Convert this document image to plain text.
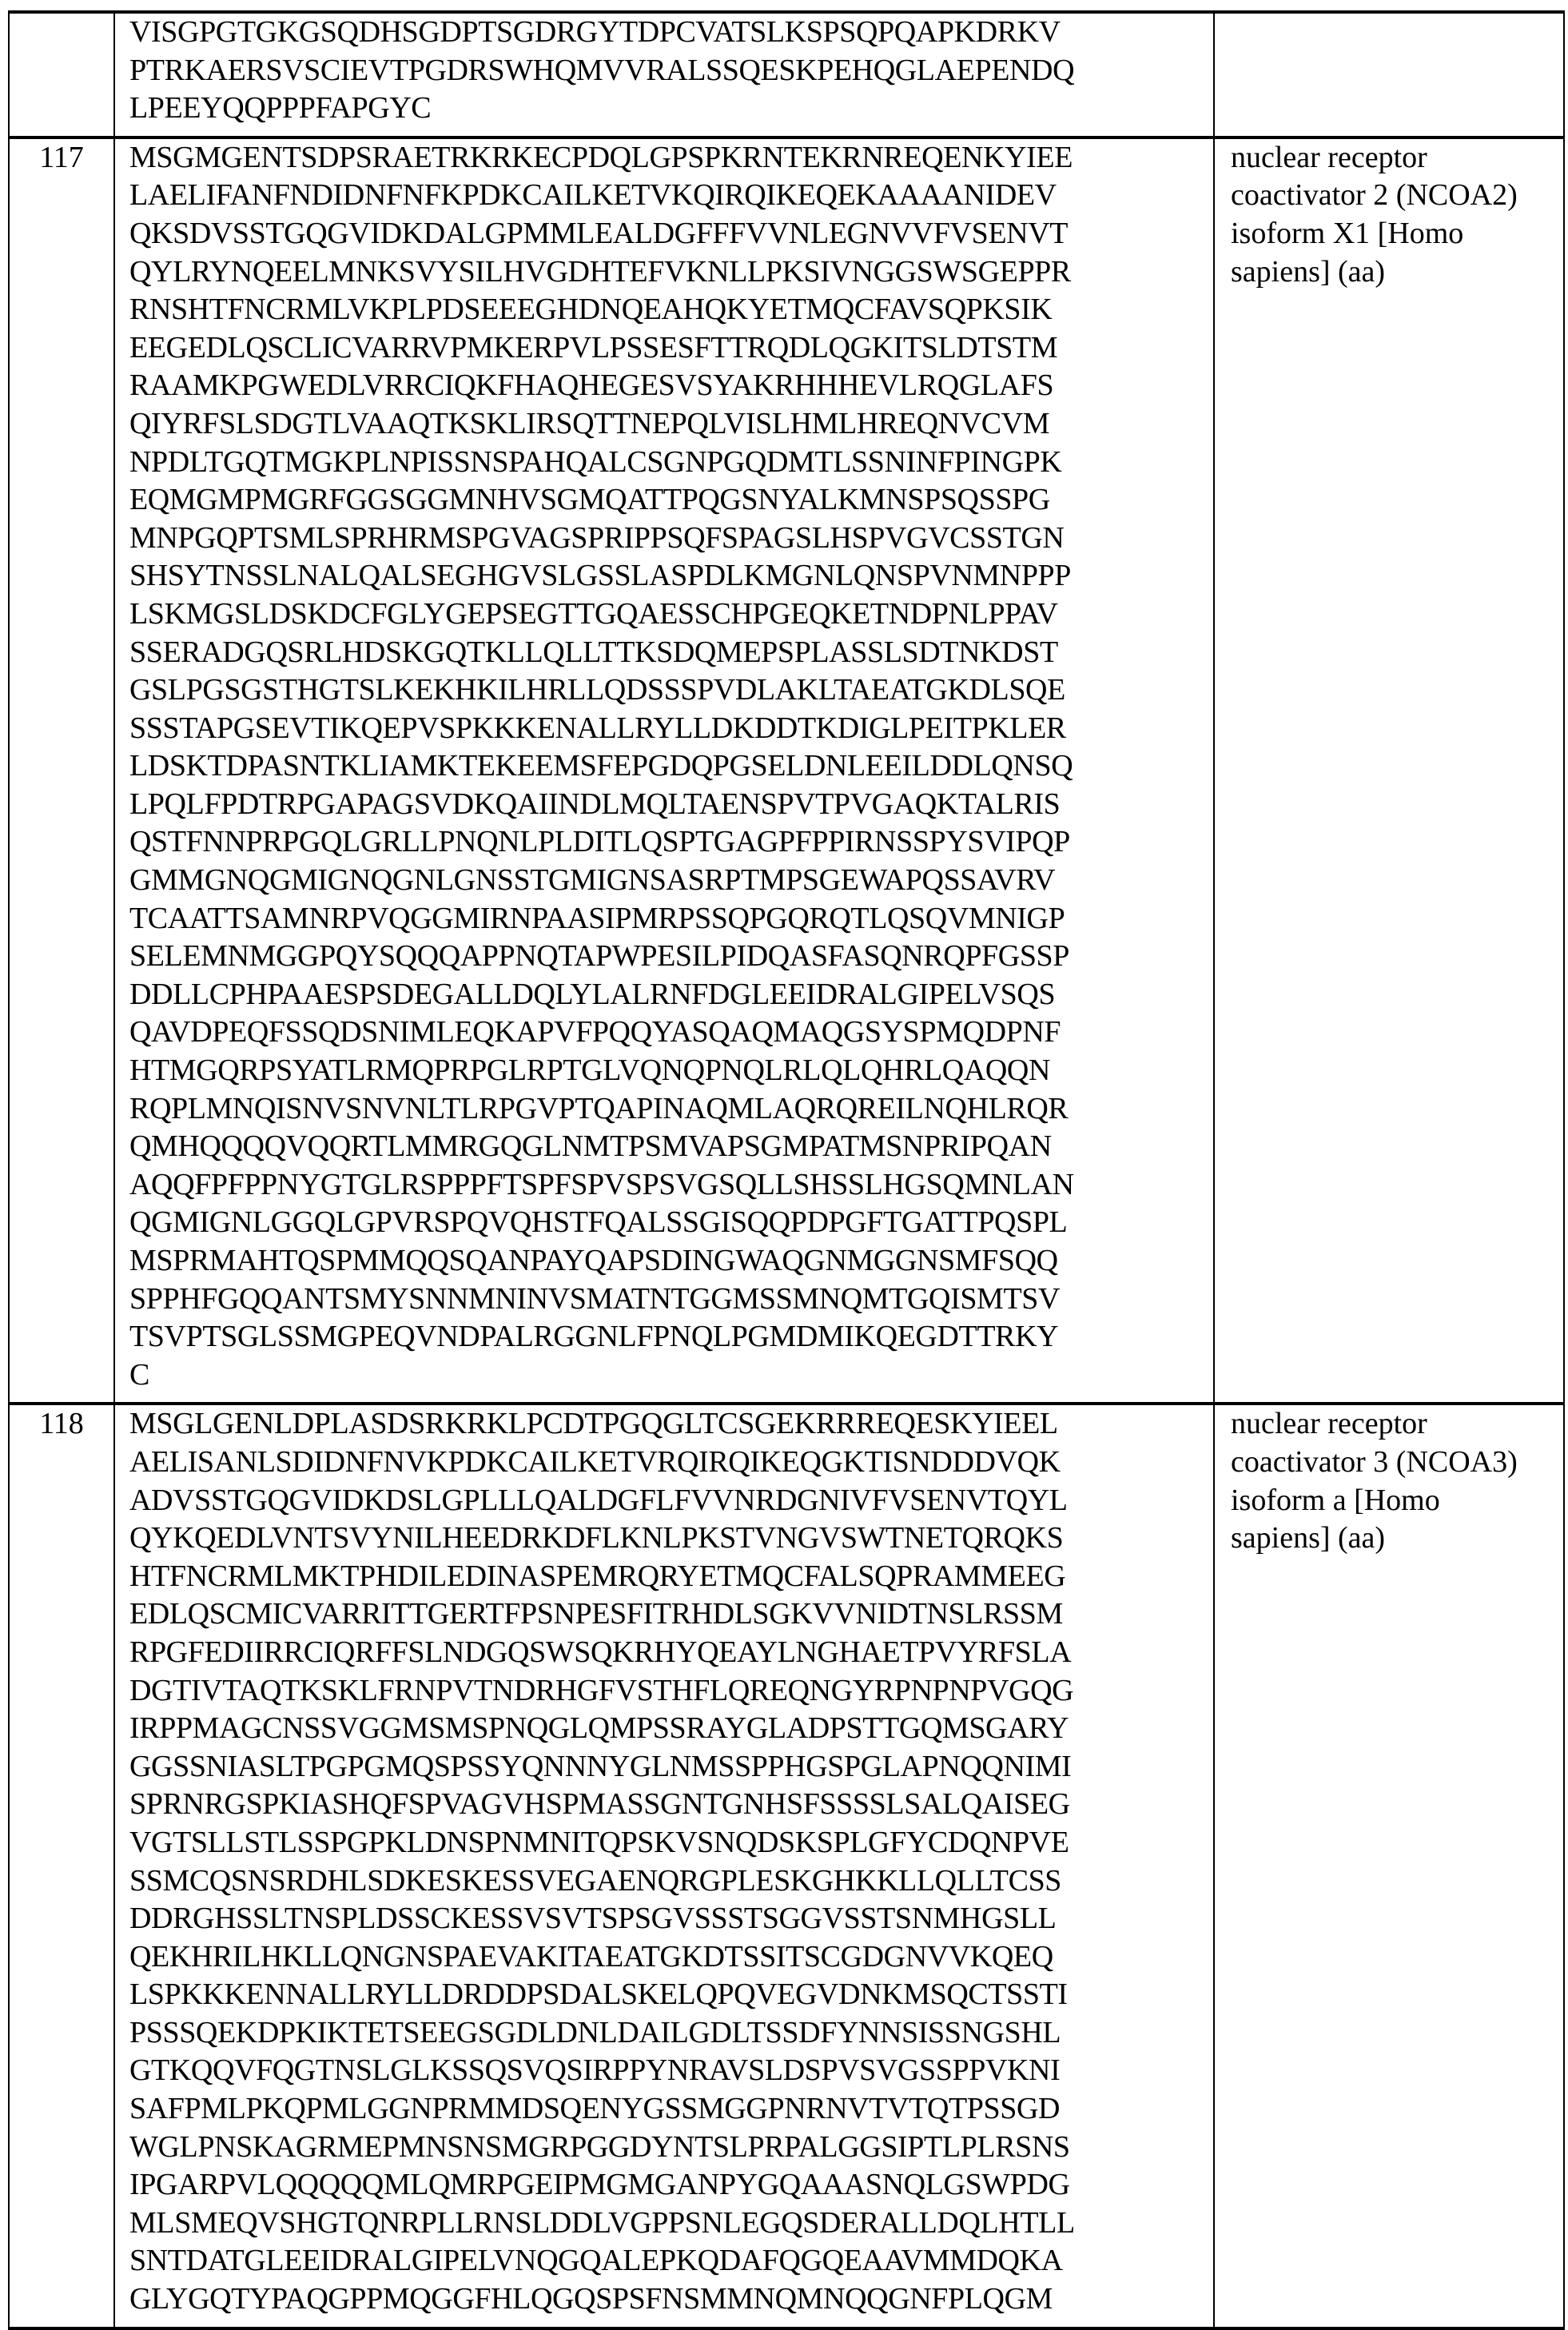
VISGPGTGKGSQDHSGDPTSGDRGYTDPCVATSLKSPSQPQAPKDRKV
PTRKAERSVSCIEVTPGDRSWHQMVVRALSSQESKPEHQGLAEPENDQ
LPEEYQQPPPFAPGYC

117	MSGMGENTSDPSRAETRKRKECPDQLGPSPKRNTEKRNREQENKYIEE
LAELIFANFNDIDNFNFKPDKCAILKETVKQIRQIKEQEKAAAANIDEV
QKSDVSSTGQGVIDKDALGPMMLEALDGFFFVVNLEGNVVFVSENVT
QYLRYNQEELMNKSVYSILHVGDHTEFVKNLLPKSIVNGGSWSGEPPR
RNSHTFNCRMLVKPLPDSEEEGHDNQEAHQKYETMQCFAVSQPKSIK
EEGEDLQSCLICVARRVPMKERPVLPSSESFTTRQDLQGKITSLDTSTM
RAAMKPGWEDLVRRCIQKFHAQHEGESVSYAKRHHHEVLRQGLAFS
QIYRFSLSDGTLVAAQTKSKLIRSQTTNEPQLVISLHMLHREQNVCVM
NPDLTGQTMGKPLNPISSNSPAHQALCSGNPGQDMTLSSNINFPINGPK
EQMGMPMGRFGGSGGMNHVSGMQATTPQGSNYALKMNSPSQSSPG
MNPGQPTSMLSPRHRMSPGVAGSPRIPPSQFSPAGSLHSPVGVCSSTGN
SHSYTNSSLNALQALSEGHGVSLGSSLASPDLKMGNLQNSPVNMNPPP
LSKMGSLDSKDCFGLYGEPSEGTTGQAESSCHPGEQKETNDPNLPPAV
SSERADGQSRLHDSKGQTKLLQLLTTKSDQMEPSPLASSLSDTNKDST
GSLPGSGSTHGTSLKEKHKILHRLLQDSSSPVDLAKLTAEATGKDLSQE
SSSTAPGSEVTIKQEPVSPKKKENALLRYLLDKDDTKDIGLPEITPKLER
LDSKTDPASNTKLIAMKTEKEEMSFEPGDQPGSELDNLEEILDDLQNSQ
LPQLFPDTRPGAPAGSVDKQAIINDLMQLTAENSPVTPVGAQKTALRIS
QSTFNNPRPGQLGRLLPNQNLPLDITLQSPTGAGPFPPIRNSSPYSVIPQP
GMMGNQGMIGNQGNLGNSSTGMIGNSASRPTMPSGEWAPQSSAVRV
TCAATTSAMNRPVQGGMIRNPAASIPMRPSSQPGQRQTLQSQVMNIGP
SELEMNMGGPQYSQQQAPPNQTAPWPESILPIDQASFASQNRQPFGSSP
DDLLCPHPAAESPSDEGALLDQLYLALRNFDGLEEIDRALGIPELVSQS
QAVDPEQFSSQDSNIMLEQKAPVFPQQYASQAQMAQGSYSPMQDPNF
HTMGQRPSYATLRMQPRPGLRPTGLVQNQPNQLRLQLQHRLQAQQN
RQPLMNQISNVSNVNLTLRPGVPTQAPINAQMLAQRQREILNQHLRQR
QMHQQQQVQQRTLMMRGQGLNMTPSMVAPSGMPATMSNPRIPQAN
AQQFPFPPNYGTGLRSPPPFTSPFSPVSPSVGSQLLSHSSLHGSQMNLAN
QGMIGNLGGQLGPVRSPQVQHSTFQALSSGISQQPDPGFTGATTPQSPL
MSPRMAHTQSPMMQQSQANPAYQAPSDINGWAQGNMGGNSMFSQQ
SPPHFGQQANTSMYSNNMNINVSMATNTGGMSSMNQMTGQISMTSV
TSVPTSGLSSMGPEQVNDPALRGGNLFPNQLPGMDMIKQEGDTTRKY
C

nuclear receptor
coactivator 2 (NCOA2)
isoform X1 [Homo
sapiens] (aa)

118	MSGLGENLDPLASDSRKRKLPCDTPGQGLTCSGEKRRREQESKYIEEL
AELISANLSDIDNFNVKPDKCAILKETVRQIRQIKEQGKTISNDDDVQK
ADVSSTGQGVIDKDSLGPLLLQALDGFLFVVNRDGNIVFVSENVTQYL
QYKQEDLVNTSVYNILHEEDRKDFLKNLPKSTVNGVSWTNETQRQKS
HTFNCRMLMKTPHDILEDINASPEMRQRYETMQCFALSQPRAMMEEG
EDLQSCMICVARRITTGERTFPSNPESFITRHDLSGKVVNIDTNSLRSSM
RPGFEDIIRRCIQRFFSLNDGQSWSQKRHYQEAYLNGHAETPVYRFSLA
DGTIVTAQTKSKLFRNPVTNDRHGFVSTHFLQREQNGYRPNPNPVGQG
IRPPMAGCNSSVGGMSMSPNQGLQMPSSRAYGLADPSTTGQMSGARY
GGSSNIASLTPGPGMQSPSSYQNNNYGLNMSSPPHGSPGLAPNQQNIMI
SPRNRGSPKIASHQFSPVAGVHSPMASSGNTGNHSFSSSSLSALQAISEG
VGTSLLSTLSSPGPKLDNSPNMNITQPSKVSNQDSKSPLGFYCDQNPVE
SSMCQSNSRDHLSDKESKESSVEGAENQRGPLESKGHKKLLQLLTCSS
DDRGHSSLTNSPLDSSCKESSVSVTSPSGVSSSTSGGVSSTSNMHGSLL
QEKHRILHKLLQNGNSPAEVAKITAEATGKDTSSITSCGDGNVVKQEQ
LSPKKKENNALLRYLLDRDDPSDALSKELQPQVEGVDNKMSQCTSSTI
PSSSQEKDPKIKTETSEEGSGDLDNLDAILGDLTSSDFYNNSISSNGSHL
GTKQQVFQGTNSLGLKSSQSVQSIRPPYNRAVSLDSPVSVGSSPPVKNI
SAFPMLPKQPMLGGNPRMMDSQENYGSSMGGPNRNVTVTQTPSSGD
WGLPNSKAGRMEPMNSNSMGRPGGDYNTSLPRPALGGSIPTLPLRSNS
IPGARPVLQQQQQMLQMRPGEIPMGMGANPYGQAAASNQLGSWPDG
MLSMEQVSHGTQNRPLLRNSLDDLVGPPSNLEGQSDERALLDQLHTLL
SNTDATGLEEIDRALGIPELVNQGQALEPKQDAFQGQEAAVMMDQKA
GLYGQTYPAQGPPMQGGFHLQGQSPSFNSMMNQMNQQGNFPLQGM

nuclear receptor
coactivator 3 (NCOA3)
isoform a [Homo
sapiens] (aa)
